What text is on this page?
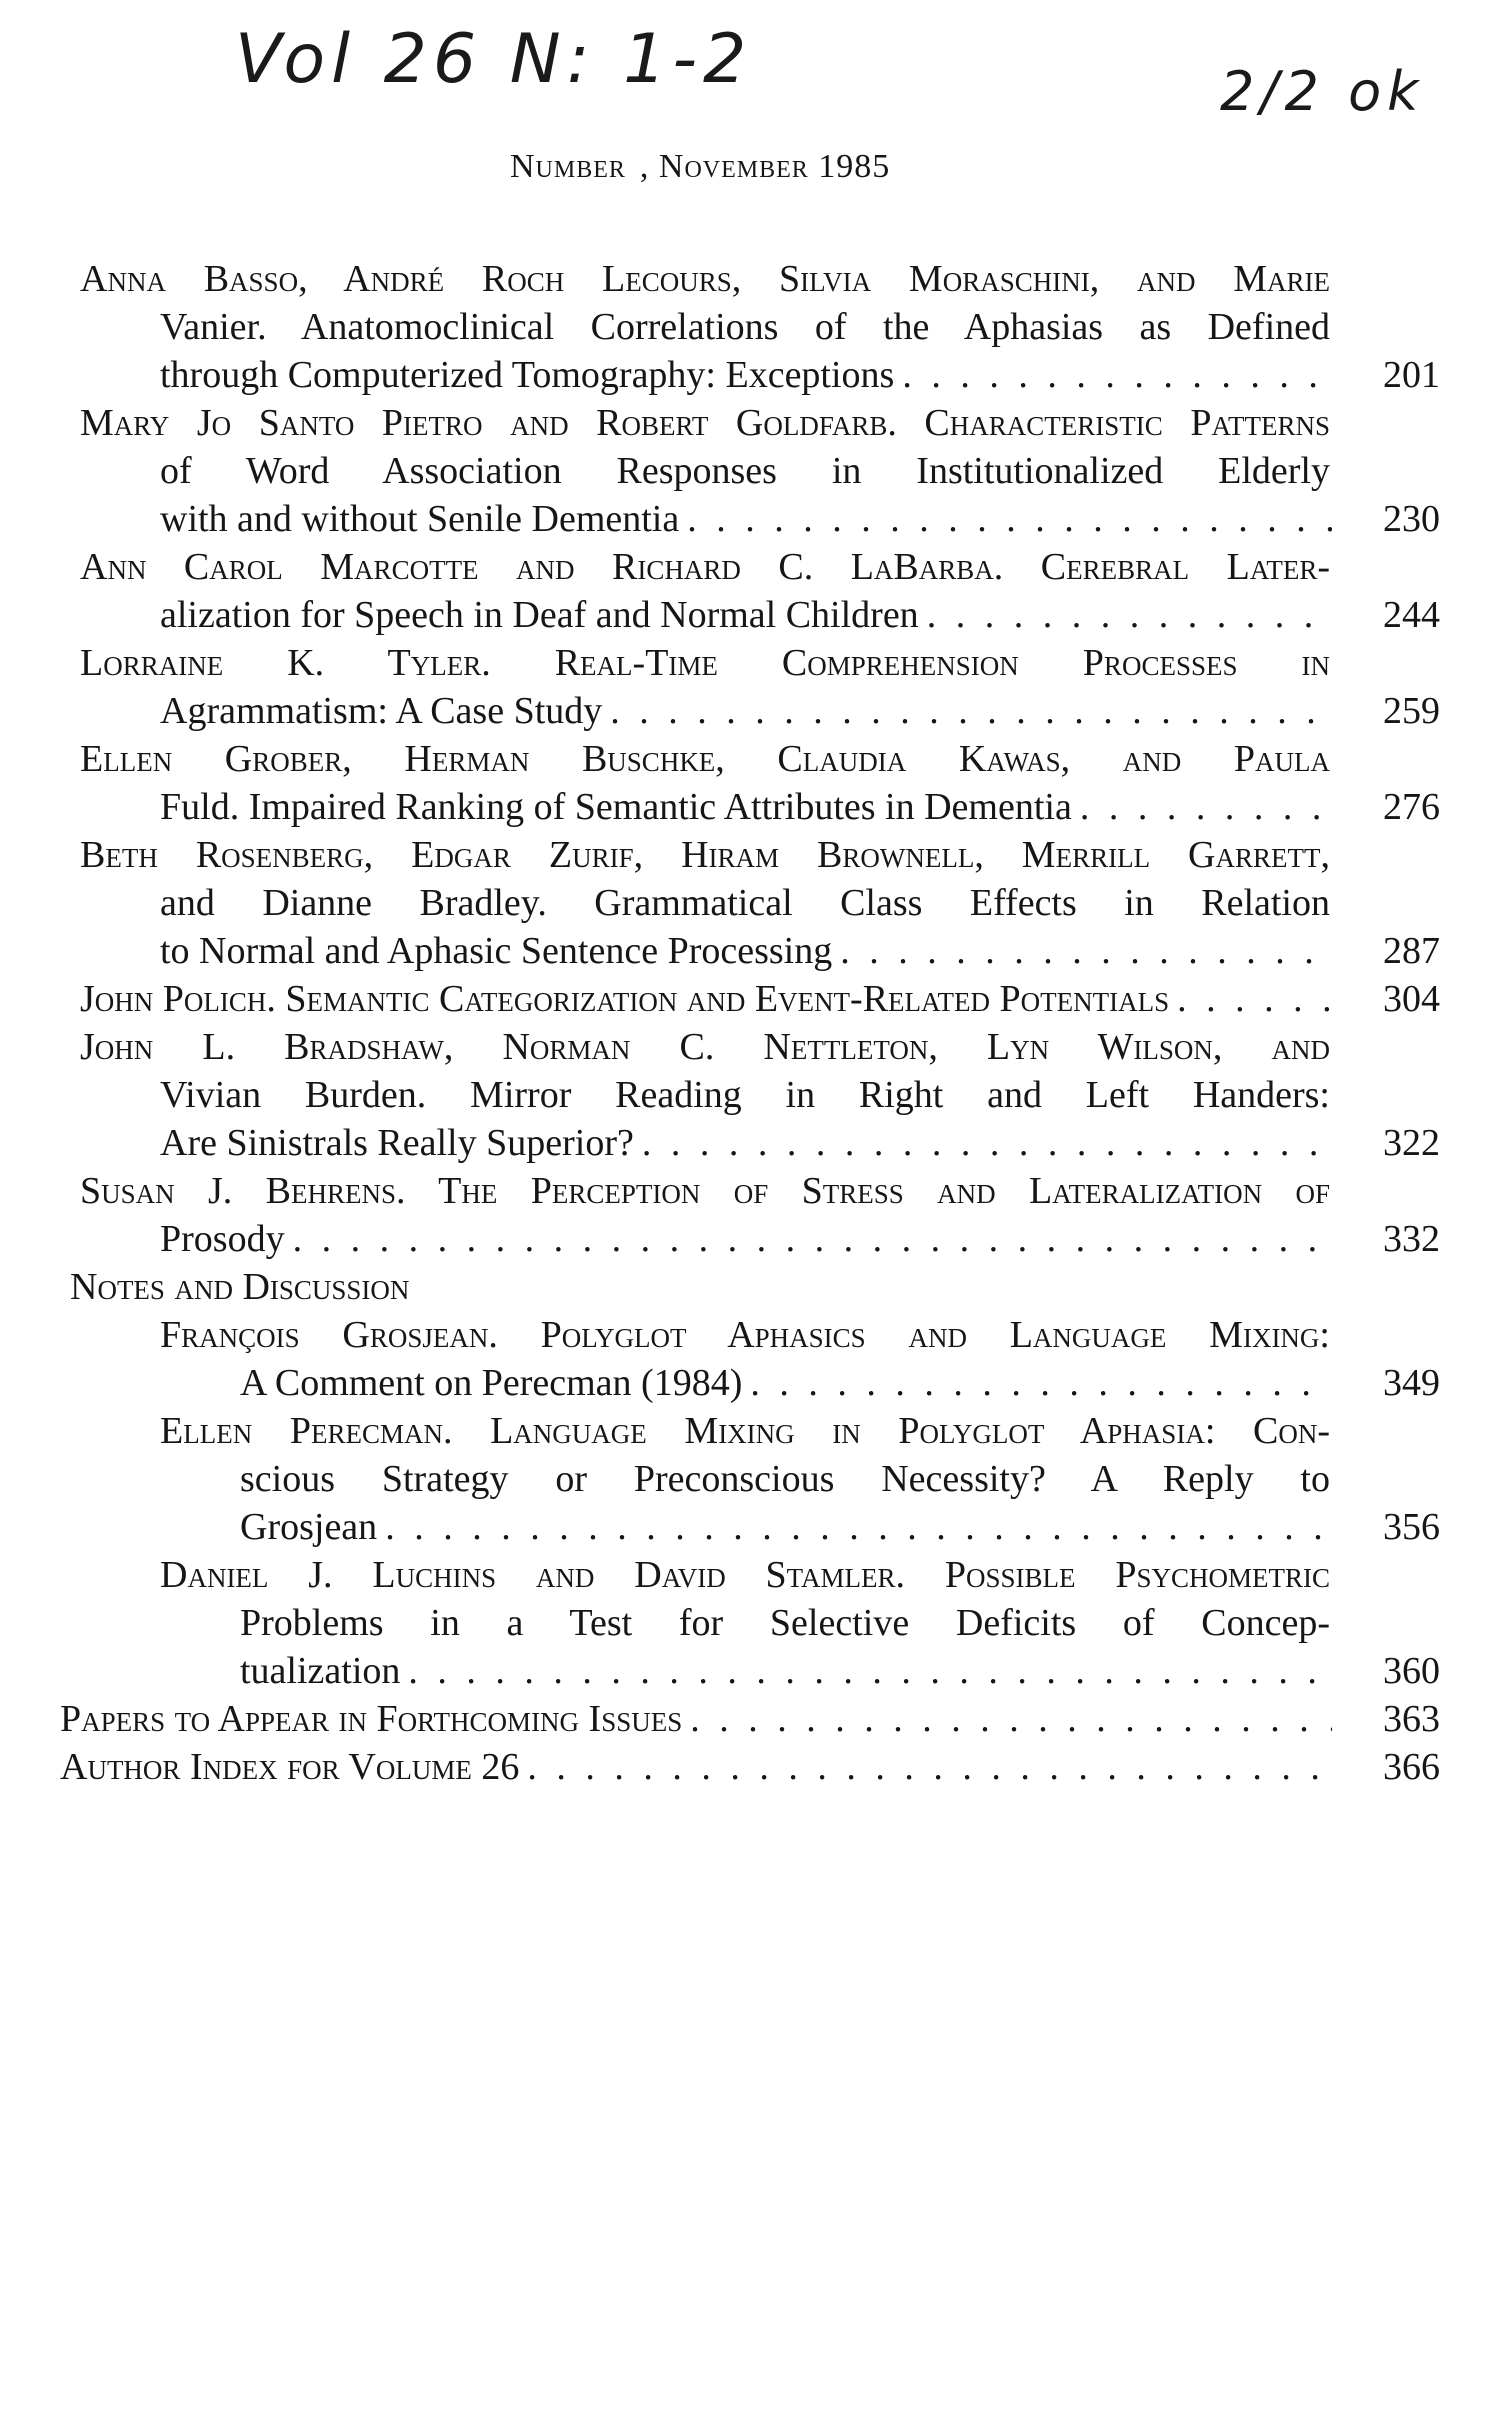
Vol 26 N: 1-2	2/2 ok
Number , November 1985
Anna Basso, André Roch Lecours, Silvia Moraschini, and Marie
Vanier. Anatomoclinical Correlations of the Aphasias as Defined
through Computerized Tomography: Exceptions . . .	201
Mary Jo Santo Pietro and Robert Goldfarb. Characteristic Patterns
of Word Association Responses in Institutionalized Elderly
with and without Senile Dementia . . .	230
Ann Carol Marcotte and Richard C. LaBarba. Cerebral Later-
alization for Speech in Deaf and Normal Children . . .	244
Lorraine K. Tyler. Real-Time Comprehension Processes in
Agrammatism: A Case Study . . .	259
Ellen Grober, Herman Buschke, Claudia Kawas, and Paula
Fuld. Impaired Ranking of Semantic Attributes in Dementia . . .	276
Beth Rosenberg, Edgar Zurif, Hiram Brownell, Merrill Garrett,
and Dianne Bradley. Grammatical Class Effects in Relation
to Normal and Aphasic Sentence Processing . . .	287
John Polich. Semantic Categorization and Event-Related Potentials . . .	304
John L. Bradshaw, Norman C. Nettleton, Lyn Wilson, and
Vivian Burden. Mirror Reading in Right and Left Handers:
Are Sinistrals Really Superior? . . .	322
Susan J. Behrens. The Perception of Stress and Lateralization of
Prosody . . .	332
Notes and Discussion
François Grosjean. Polyglot Aphasics and Language Mixing:
A Comment on Perecman (1984) . . .	349
Ellen Perecman. Language Mixing in Polyglot Aphasia: Con-
scious Strategy or Preconscious Necessity? A Reply to
Grosjean . . .	356
Daniel J. Luchins and David Stamler. Possible Psychometric
Problems in a Test for Selective Deficits of Concep-
tualization . . .	360
Papers to Appear in Forthcoming Issues . . .	363
Author Index for Volume 26 . . .	366
